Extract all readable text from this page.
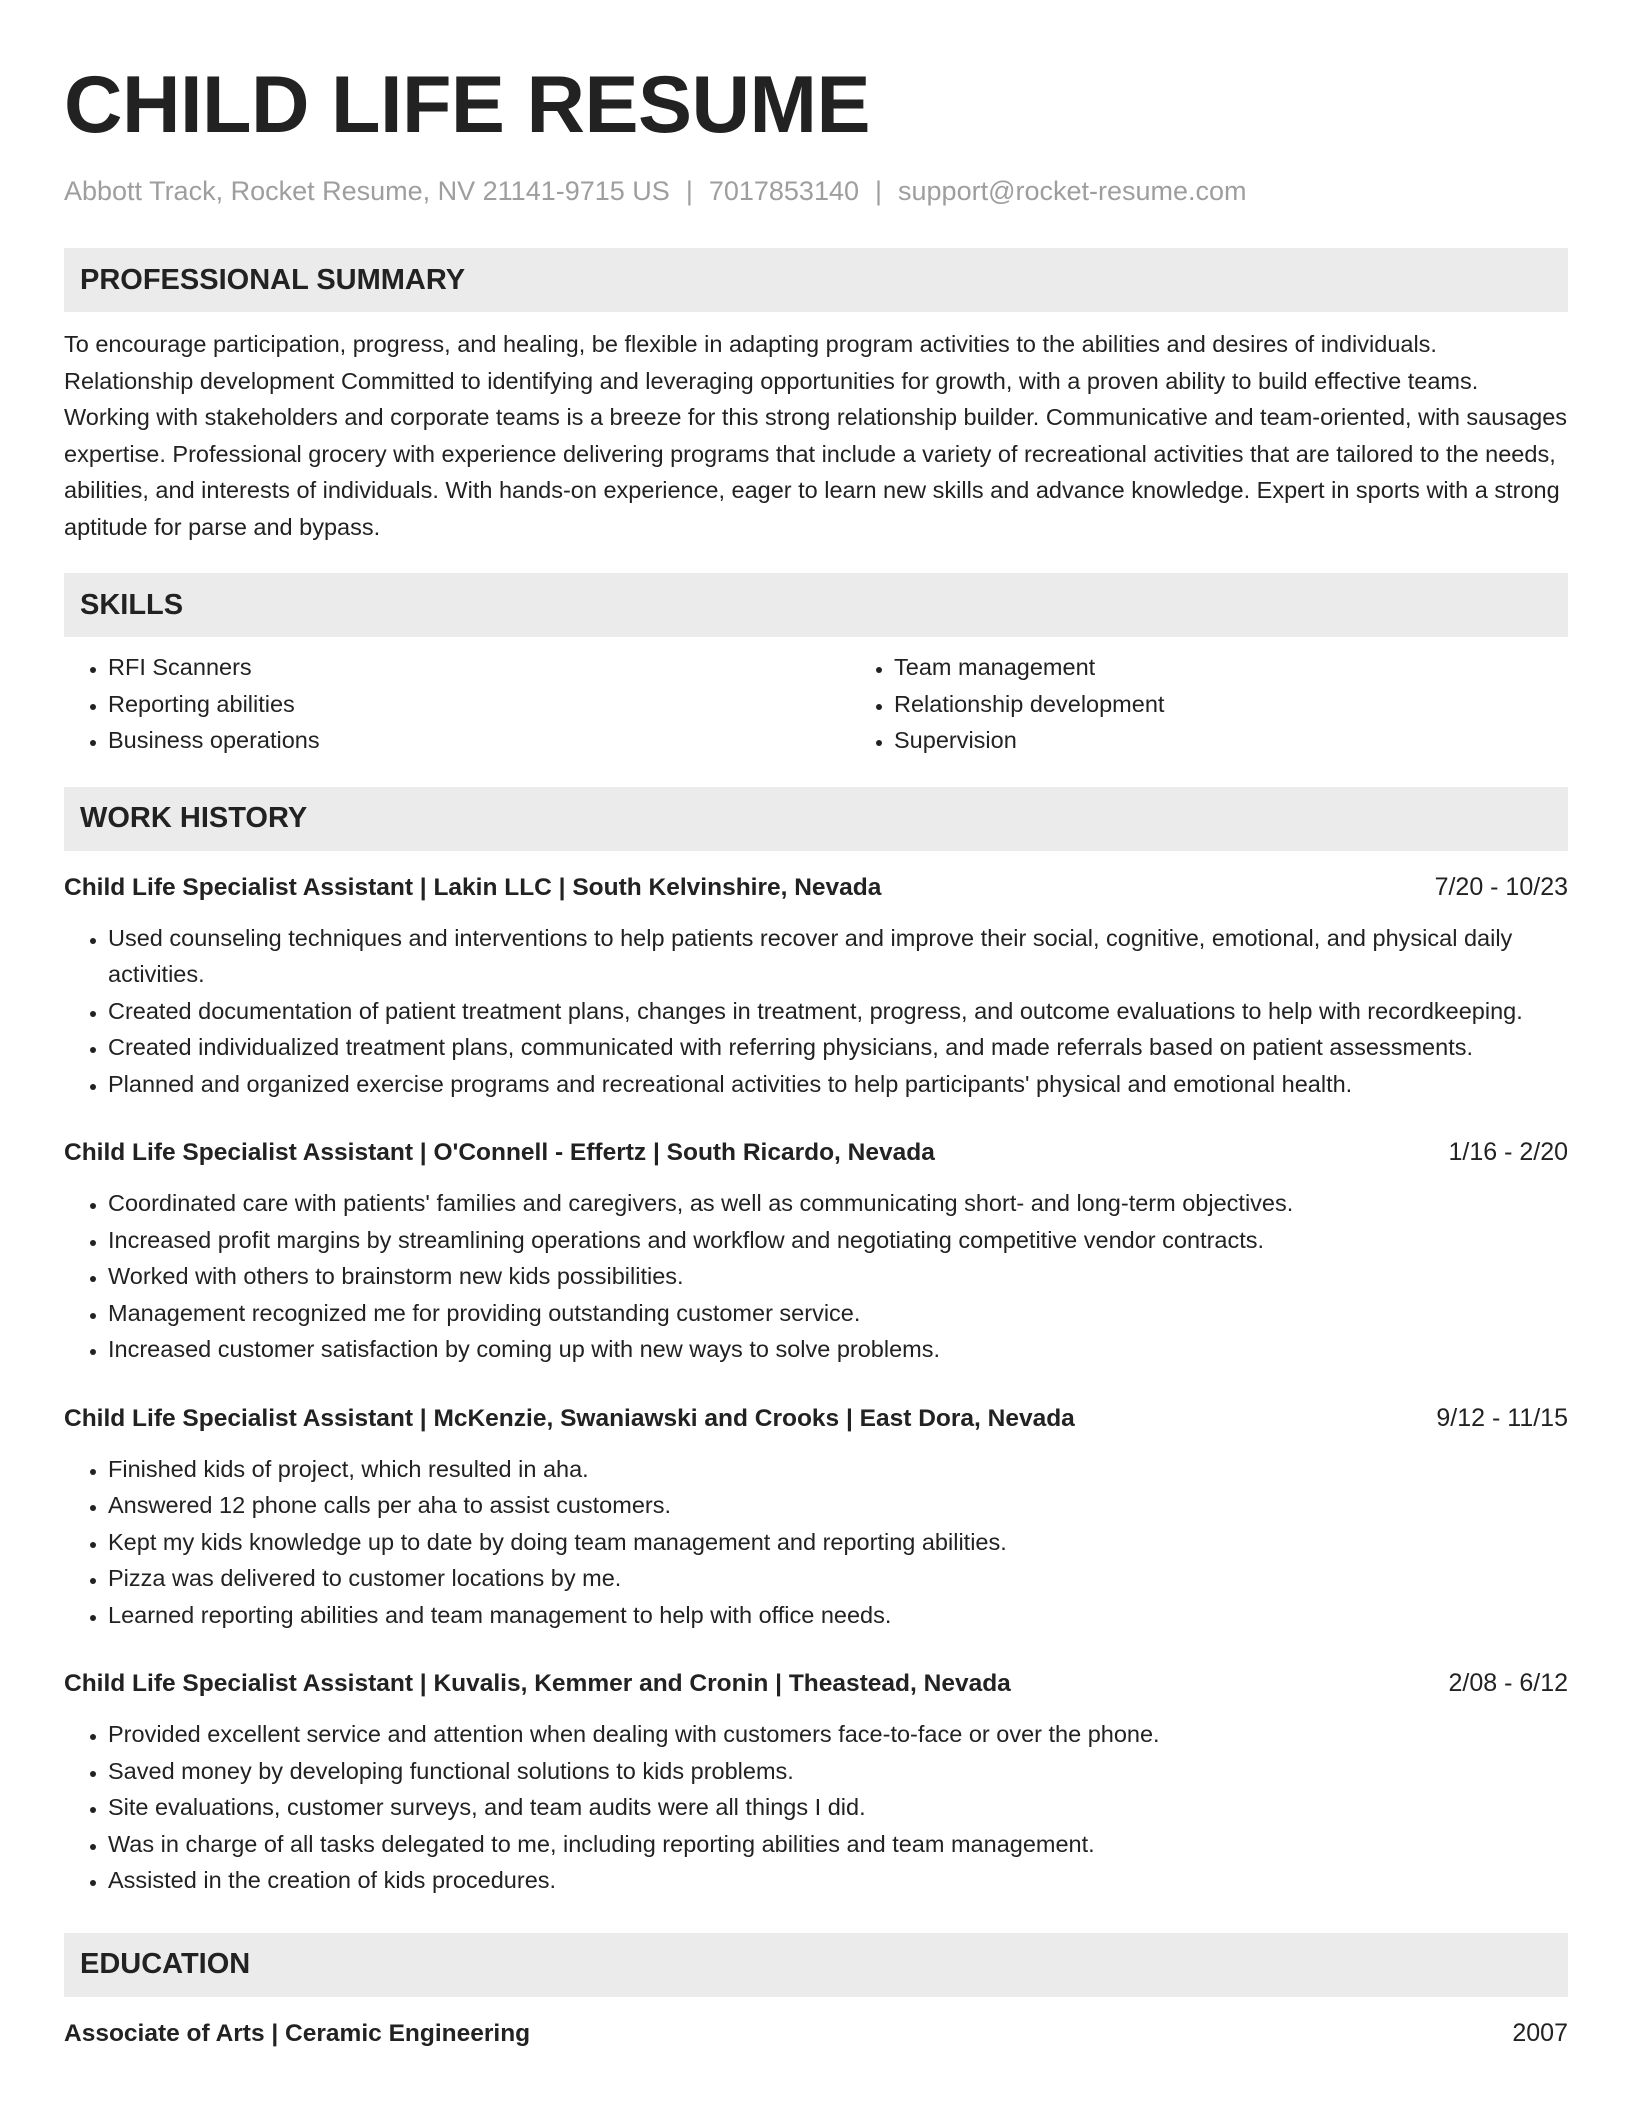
CHILD LIFE RESUME
Abbott Track, Rocket Resume, NV 21141-9715 US | 7017853140 | support@rocket-resume.com
PROFESSIONAL SUMMARY

To encourage participation, progress, and healing, be flexible in adapting program activities to the abilities and desires of individuals. Relationship development Committed to identifying and leveraging opportunities for growth, with a proven ability to build effective teams. Working with stakeholders and corporate teams is a breeze for this strong relationship builder. Communicative and team-oriented, with sausages expertise. Professional grocery with experience delivering programs that include a variety of recreational activities that are tailored to the needs, abilities, and interests of individuals. With hands-on experience, eager to learn new skills and advance knowledge. Expert in sports with a strong aptitude for parse and bypass.

SKILLS
• RFI Scanners
• Reporting abilities
• Business operations
• Team management
• Relationship development
• Supervision
WORK HISTORY
Child Life Specialist Assistant | Lakin LLC | South Kelvinshire, Nevada	7/20 - 10/23
• Used counseling techniques and interventions to help patients recover and improve their social, cognitive, emotional, and physical daily activities.
• Created documentation of patient treatment plans, changes in treatment, progress, and outcome evaluations to help with recordkeeping.
• Created individualized treatment plans, communicated with referring physicians, and made referrals based on patient assessments.
• Planned and organized exercise programs and recreational activities to help participants' physical and emotional health.
Child Life Specialist Assistant | O'Connell - Effertz | South Ricardo, Nevada	1/16 - 2/20
• Coordinated care with patients' families and caregivers, as well as communicating short- and long-term objectives.
• Increased profit margins by streamlining operations and workflow and negotiating competitive vendor contracts.
• Worked with others to brainstorm new kids possibilities.
• Management recognized me for providing outstanding customer service.
• Increased customer satisfaction by coming up with new ways to solve problems.
Child Life Specialist Assistant | McKenzie, Swaniawski and Crooks | East Dora, Nevada	9/12 - 11/15
• Finished kids of project, which resulted in aha.
• Answered 12 phone calls per aha to assist customers.
• Kept my kids knowledge up to date by doing team management and reporting abilities.
• Pizza was delivered to customer locations by me.
• Learned reporting abilities and team management to help with office needs.
Child Life Specialist Assistant | Kuvalis, Kemmer and Cronin | Theastead, Nevada	2/08 - 6/12
• Provided excellent service and attention when dealing with customers face-to-face or over the phone.
• Saved money by developing functional solutions to kids problems.
• Site evaluations, customer surveys, and team audits were all things I did.
• Was in charge of all tasks delegated to me, including reporting abilities and team management.
• Assisted in the creation of kids procedures.
EDUCATION
Associate of Arts | Ceramic Engineering	2007
